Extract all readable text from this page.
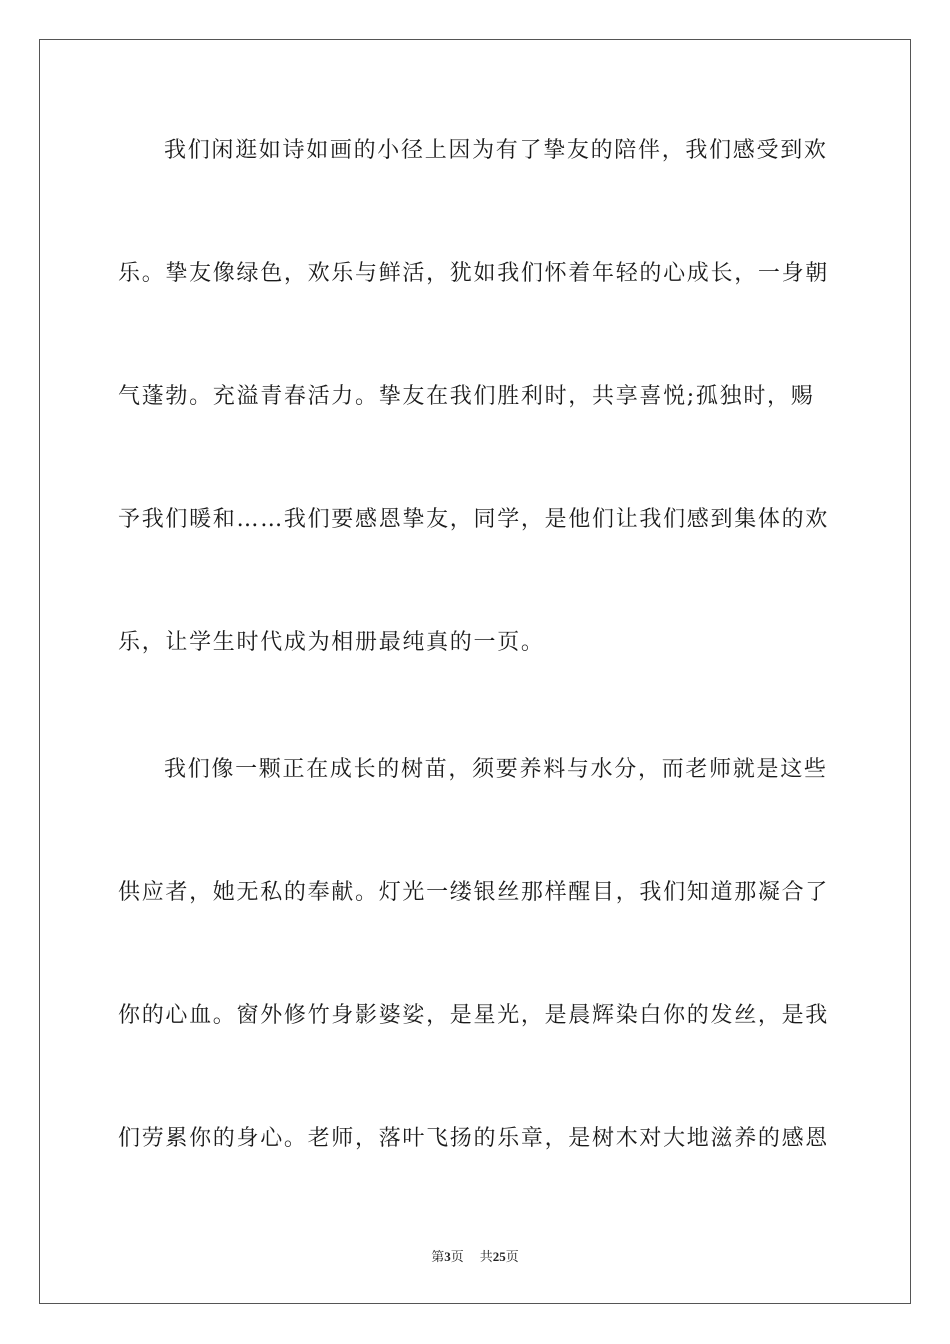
我们闲逛如诗如画的小径上因为有了挚友的陪伴，我们感受到欢
乐。挚友像绿色，欢乐与鲜活，犹如我们怀着年轻的心成长，一身朝
气蓬勃。充溢青春活力。挚友在我们胜利时，共享喜悦;孤独时，赐
予我们暖和……我们要感恩挚友，同学，是他们让我们感到集体的欢
乐，让学生时代成为相册最纯真的一页。
我们像一颗正在成长的树苗，须要养料与水分，而老师就是这些
供应者，她无私的奉献。灯光一缕银丝那样醒目，我们知道那凝合了
你的心血。窗外修竹身影婆娑，是星光，是晨辉染白你的发丝，是我
们劳累你的身心。老师，落叶飞扬的乐章，是树木对大地滋养的感恩
第3页 共25页
